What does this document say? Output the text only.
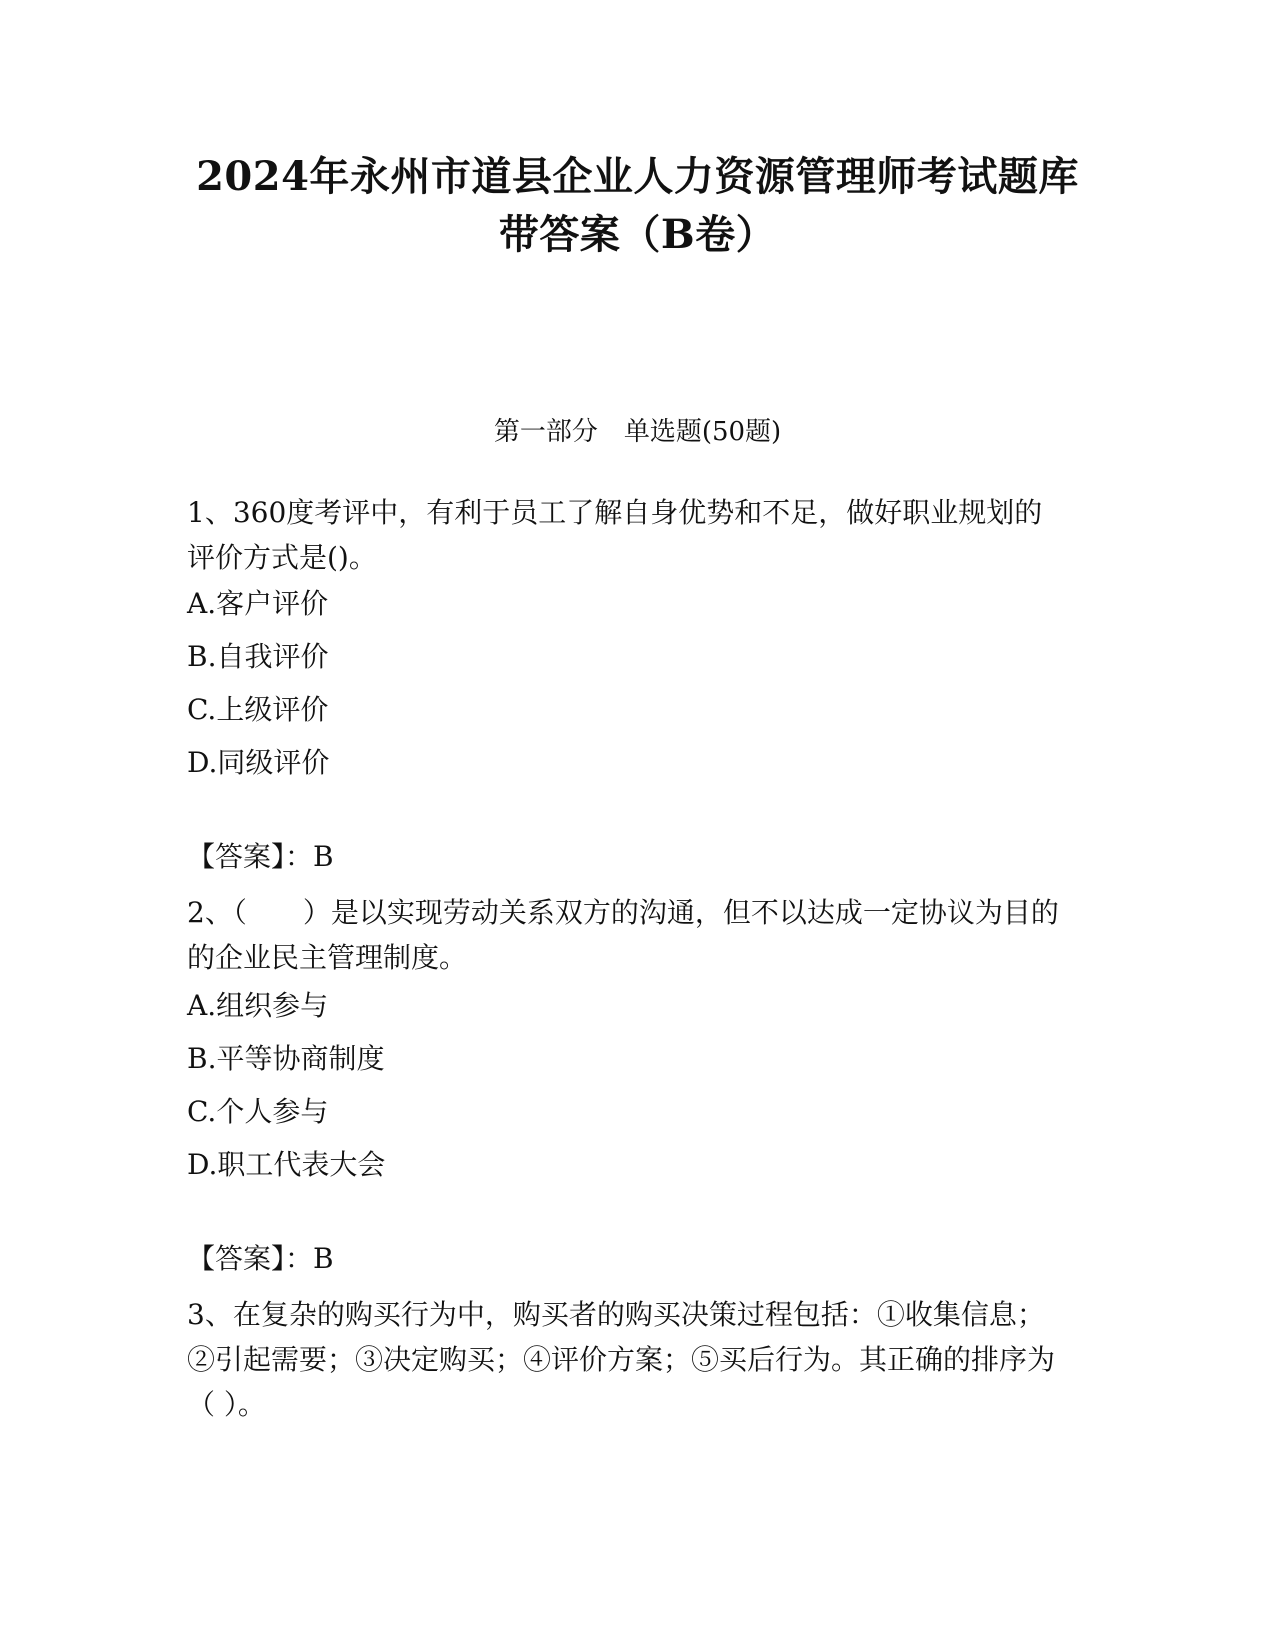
2024年永州市道县企业人力资源管理师考试题库
带答案（B卷）
第一部分　单选题(50题)
1、360度考评中，有利于员工了解自身优势和不足，做好职业规划的评价方式是()。
A.客户评价
B.自我评价
C.上级评价
D.同级评价
【答案】：B
2、（　　）是以实现劳动关系双方的沟通，但不以达成一定协议为目的的企业民主管理制度。
A.组织参与
B.平等协商制度
C.个人参与
D.职工代表大会
【答案】：B
3、在复杂的购买行为中，购买者的购买决策过程包括：①收集信息；②引起需要；③决定购买；④评价方案；⑤买后行为。其正确的排序为（ ）。
